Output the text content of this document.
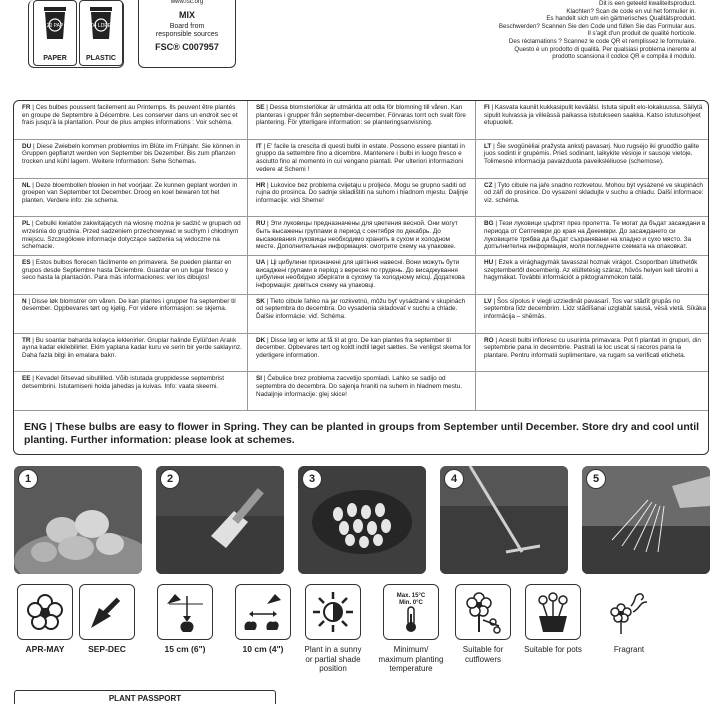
20 PAP
PAPER
04 LDPE
PLASTIC
www.fsc.org
MIX
Board from
responsible sources
FSC® C007957
Dit is een geteeld kwaliteitsproduct.
Klachten? Scan de code en vul het formulier in.
Es handelt sich um ein gärtnerisches Qualitätsprodukt.
Beschwerden? Scannen Sie den Code und füllen Sie das Formular aus.
Il s'agit d'un produit de qualité horticole.
Des réclamations ? Scannez le code QR et remplissez le formulaire.
Questo è un prodotto di qualità. Per qualsiasi problema inerente al
prodotto scansiona il codice QR e compila il modulo.
FR | Ces bulbes poussent facilement au Printemps. Ils peuvent être plantés en groupe de Septembre à Décembre. Les conserver dans un endroit sec et frais jusqu'à la plantation. Pour de plus amples informations : Voir schéma.
SE | Dessa blomsterlökar är utmärkta att odla för blomning till våren. Kan planteras i grupper från september-december. Förvaras torrt och svalt före plantering. För ytterligare information: se planteringsanvisning.
FI | Kasvata kauniit kukkasipulit keväälsi. Istuta sipulit elo-lokakuussa. Säilytä sipulit kuivassa ja viileässä paikassa istutukseen saakka. Katso istutusohjeet etupuolelt.
DU | Diese Zwiebeln kommen problemlos im Blüte im Frühjahr. Sie können in Gruppen gepflanzt werden von September bis Dezember. Bis zum pflanzen trocken und kühl lagern. Weitere Information: Sehe Schemas.
IT | E' facile la crescita di questi bulbi in estate. Possono essere piantati in gruppo da settembre fino a dicembre. Mantenere i bulbi in luogo fresco e asciutto fino al momento in cui vengano piantati. Per ulteriori informazioni vedere at Schemi !
LT | Šie svogūnėliai pražysta ankstį pavasarį. Nuo rugsėjo iki gruodžio galite juos sodinti ir grupėmis. Prieš sodinant, laikykite vėsioje ir sausoje vietoje. Tolimesnė informacija pavaizduota paveikslėliuose (schemose).
NL | Deze bloembollen bloeien in het voorjaar. Ze kunnen geplant worden in groepen van September tot December. Droog en koel bewaren tot het planten. Verdere info: zie schema.
HR | Lukovice bez problema cvijetaju u proljeće. Mogu se grupno saditi od rujna do prosinca. Do sadnje skladištiti na suhom i hladnom mjestu. Daljnje informacije: vidi Sheme!
CZ | Tyto cibule na jaře snadno rozkvetou. Mohou být vysázené ve skupinách od září do prosince. Do vysazení skladujte v suchu a chladu. Další informace: viz. schéma.
PL | Cebulki kwiatów zakwitających na wiosnę można je sadzić w grupach od września do grudnia. Przed sadzeniem przechowywać w suchym i chłodnym miejscu. Szczegółowe informacje dotyczące sadzenia są widoczne na schemacie.
RU | Эти луковицы предназначены для цветения весной. Они могут быть высажены группами в период с сентября по декабрь. До высаживания луковицы необходимо хранить в сухом и холодном месте. Дополнительная информация: смотрите схему на упаковке.
BG | Тези луковици цъфтят през пролетта. Те могат да бъдат засаждани в периода от Септември до края на Декември. До засаждането си луковиците трябва да бъдат съхранявани на хладно и сухо място. За допълнителна информация, моля погледнете схемата на опаковкат.
ES | Estos bulbos florecen fácilmente en primavera. Se pueden plantar en grupos desde Septiembre hasta Diciembre. Guardar en un lugar fresco y seco hasta la plantación. Para más informaciones: ver los dibujos!
UA | Ці цибулини призначені для цвітіння навесні. Вони можуть бути висаджені групами в період з вересня по грудень. До висаджування цибулини необхідно зберігати в сухому та холодному місці. Додаткова інформація: дивіться схему на упаковці.
HU | Ezek a virághagymák tavasszal hoznak virágot. Csoportban ültethetők szeptembertől decemberig. Az elültetésig száraz, hűvös helyen kell tárolni a hagymákat. További információt a piktogrammokon talál.
N | Disse løk blomstrer om våren. De kan plantes i grupper fra september til desember. Oppbevares tørt og kjølig. For videre informasjon: se skjema.
SK | Tieto cibule ľahko na jar rozkvetnú, môžu byť vysádzané v skupinách od septembra do decembra. Do vysadenia skladovať v suchu a chlade. Ďalšie informácie: viď. Schéma.
LV | Šos sīpolus ir viegli uzziedināt pavasarī. Tos var stādīt grupās no septembra līdz decembrim. Līdz stādīšanai uzglabāt sausā, vēsā vietā. Sīkāka informācija – shēmās.
TR | Bu soanlar baharda kolayca ieklenirler. Gruplar halinde Eylül'den Aralık ayına kadar ekilebilirler. Ekim yaplana kadar kuru ve serin bir yerde saklayınz. Daha fazla bilgi iin emalara bakn.
DK | Disse løg er lette at få til at gro. De kan plantes fra september til december. Opbevares tørt og koldt indtil løget sættes. Se venligst skema for yderligere information.
RO | Acesti bulbi infloresc cu usurinta primavara. Pot fi plantati in grupuri, din septembrie pana in decembrie. Pastrati la loc uscat si racoros pana la plantare. Pentru informatii suplimentare, va rugam sa verificati eticheta.
EE | Kevadel õitsevad sibullilled. Võib istutada gruppidesse septembrist detsembrini. Istutamiseni hoida jahedas ja kuivas. Info: vaata skeemi.
SI | Čebulice brez problema zacvetijo spomladi. Lahko se sadijo od septembra do decembra. Do sajenja hraniti na suhem in hladnem mestu. Nadaljnje informacije: glej skice!
ENG | These bulbs are easy to flower in Spring. They can be planted in groups from September until December. Store dry and cool until planting. Further information: please look at schemes.
1	2	3	4	5
APR-MAY	SEP-DEC	15 cm (6")	10 cm (4")	Plant in a sunny or partial shade position
Max. 15°C
Min. 0°C
Minimum/ maximum planting temperature
Suitable for cutflowers
Suitable for pots	Fragrant
PLANT PASSPORT
